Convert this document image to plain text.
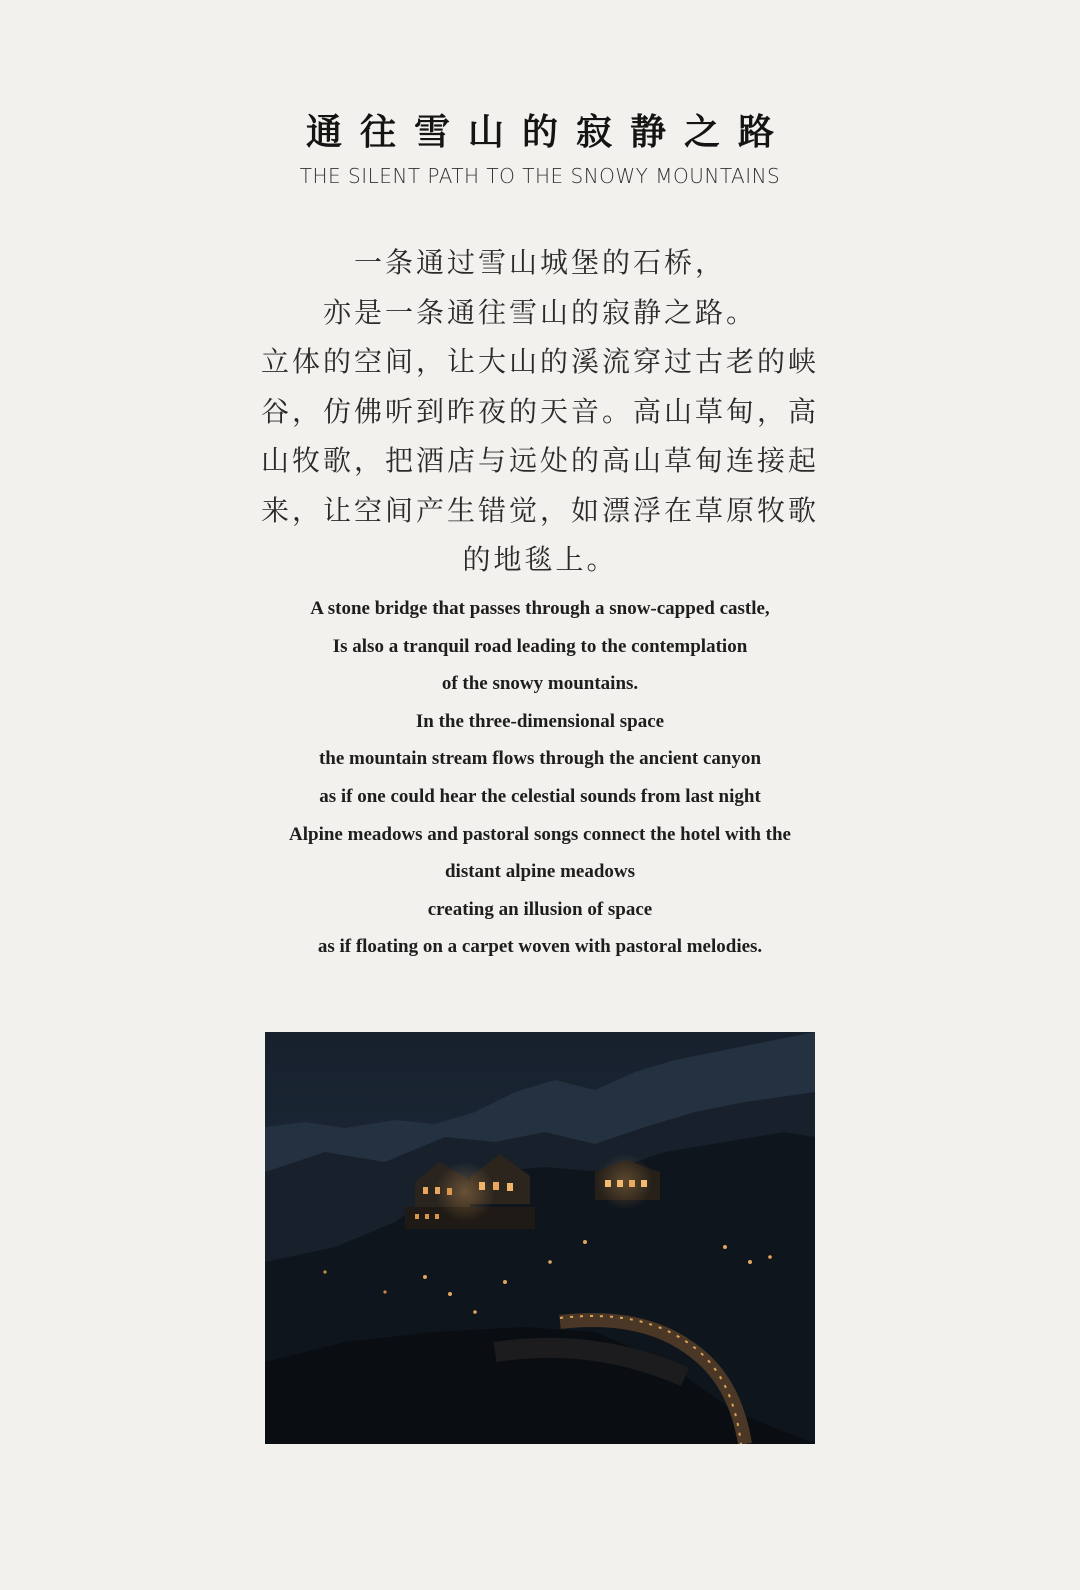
通往雪山的寂静之路
THE SILENT PATH TO THE SNOWY MOUNTAINS
一条通过雪山城堡的石桥，
亦是一条通往雪山的寂静之路。
立体的空间，让大山的溪流穿过古老的峡
谷，仿佛听到昨夜的天音。高山草甸，高
山牧歌，把酒店与远处的高山草甸连接起
来，让空间产生错觉，如漂浮在草原牧歌
的地毯上。
A stone bridge that passes through a snow-capped castle,
Is also a tranquil road leading to the contemplation
of the snowy mountains.
In the three-dimensional space
the mountain stream flows through the ancient canyon
as if one could hear the celestial sounds from last night
Alpine meadows and pastoral songs connect the hotel with the
distant alpine meadows
creating an illusion of space
as if floating on a carpet woven with pastoral melodies.
